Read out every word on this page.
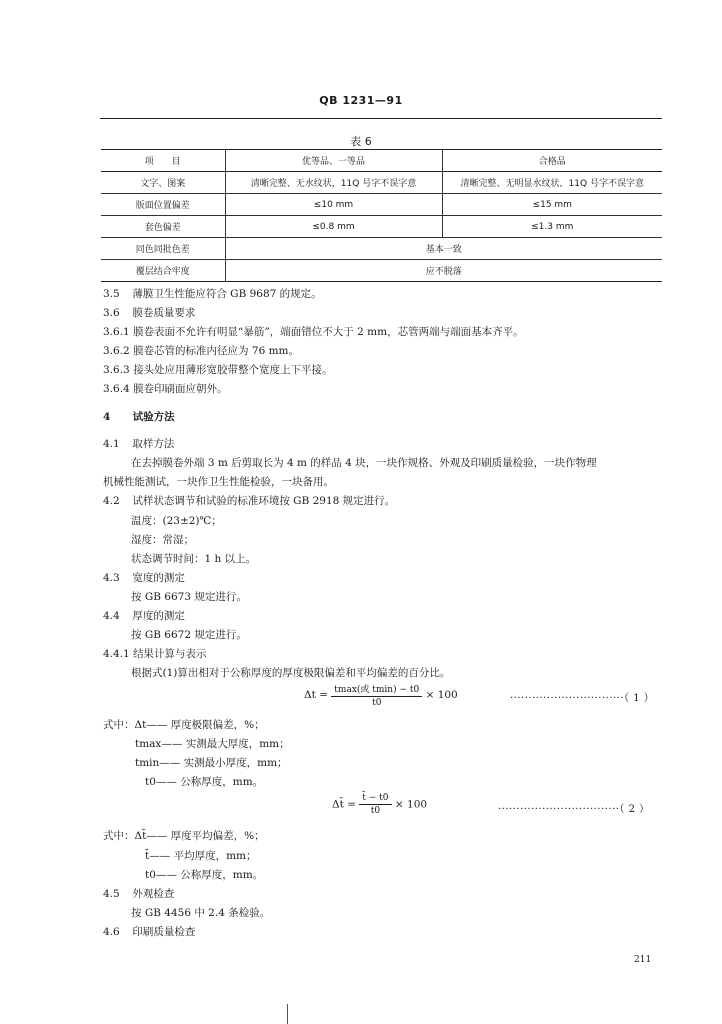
QB 1231—91
表 6
项　　目	优等品、一等品	合格品
文字、图案	清晰完整、无水纹状，11Q 号字不误字意	清晰完整、无明显水纹状，11Q 号字不误字意
版面位置偏差	≤10 mm	≤15 mm
套色偏差	≤0.8 mm	≤1.3 mm
同色同批色差	基本一致	
覆层结合牢度	应不脱落	
3.5 薄膜卫生性能应符合 GB 9687 的规定。
3.6 膜卷质量要求
3.6.1 膜卷表面不允许有明显“暴筋”，端面错位不大于 2 mm，芯管两端与端面基本齐平。
3.6.2 膜卷芯管的标准内径应为 76 mm。
3.6.3 接头处应用薄形宽胶带整个宽度上下平接。
3.6.4 膜卷印刷面应朝外。
4 试验方法
4.1 取样方法
在去掉膜卷外端 3 m 后剪取长为 4 m 的样品 4 块，一块作规格、外观及印刷质量检验，一块作物理
机械性能测试，一块作卫生性能检验，一块备用。
4.2 试样状态调节和试验的标准环境按 GB 2918 规定进行。
温度：(23±2)℃；
湿度：常湿；
状态调节时间：1 h 以上。
4.3 宽度的测定
按 GB 6673 规定进行。
4.4 厚度的测定
按 GB 6672 规定进行。
4.4.1 结果计算与表示
根据式(1)算出相对于公称厚度的厚度极限偏差和平均偏差的百分比。
$\Delta t = \frac{\text{tmax(或 tmin) − t0}}{t0} \times 100$	·······························（ 1 ）
式中：Δt—— 厚度极限偏差，%；
tmax—— 实测最大厚度，mm；
tmin—— 实测最小厚度，mm；
t0—— 公称厚度，mm。
Δt̄ = $\frac{t̄ - t0}{t0} \times 100$	·································（ 2 ）
式中：Δt̄—— 厚度平均偏差，%；
t̄—— 平均厚度，mm；
t0—— 公称厚度，mm。
4.5 外观检查
按 GB 4456 中 2.4 条检验。
4.6 印刷质量检查
211
